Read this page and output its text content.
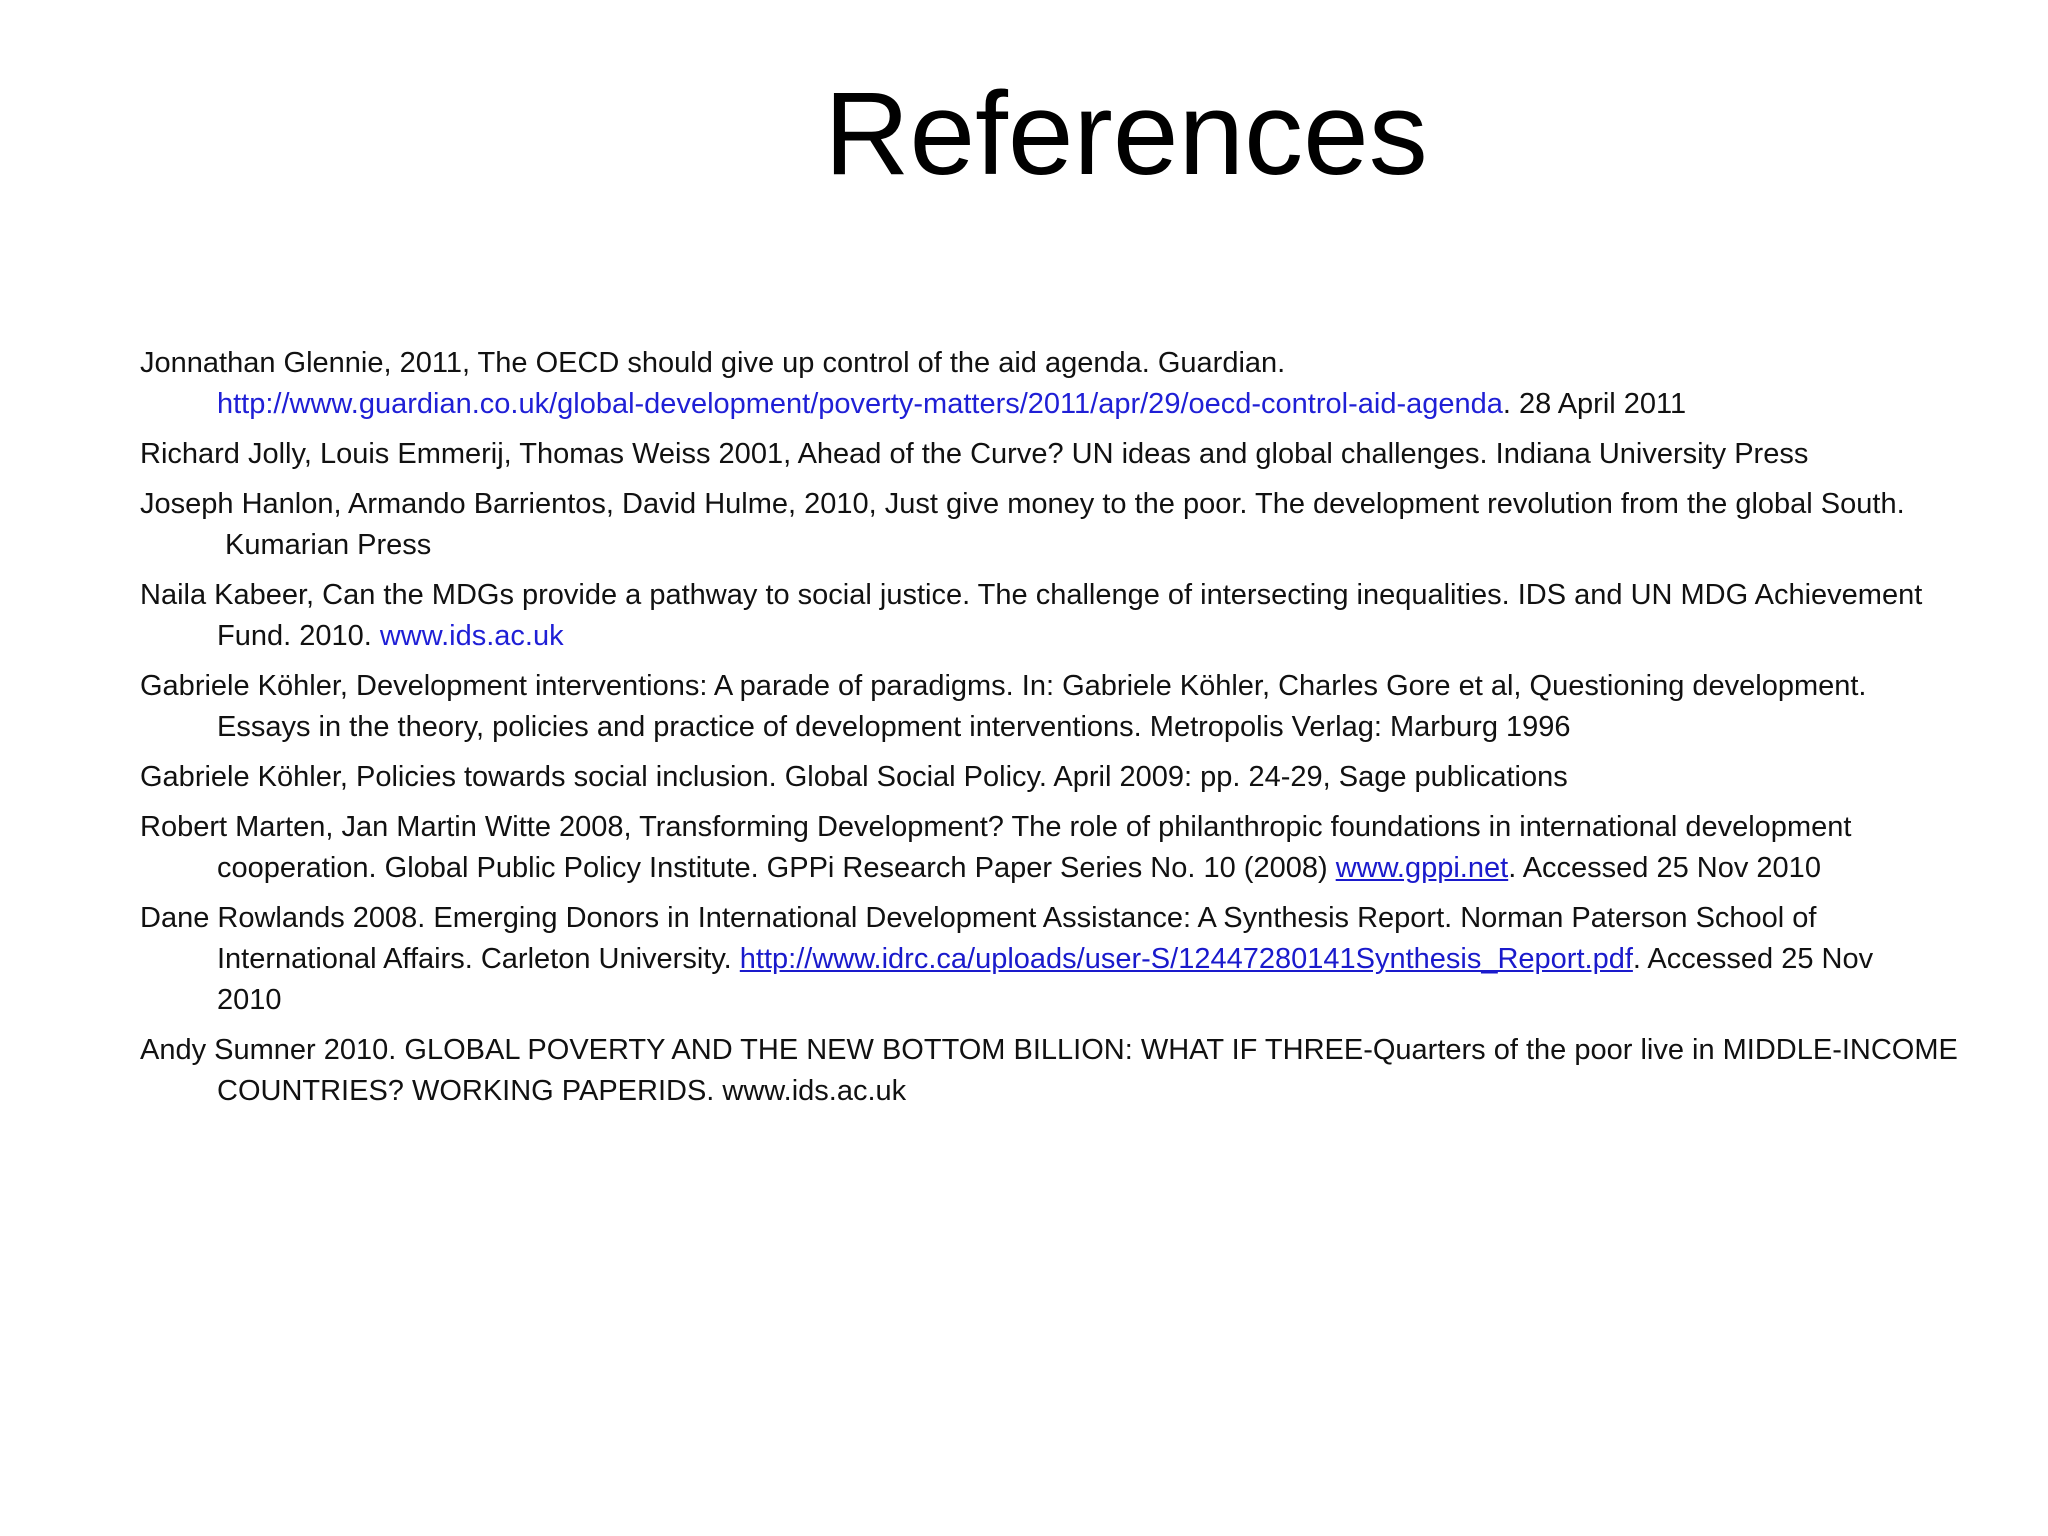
References
Jonnathan Glennie, 2011, The OECD should give up control of the aid agenda. Guardian.
http://www.guardian.co.uk/global-development/poverty-matters/2011/apr/29/oecd-control-aid-agenda. 28 April 2011
Richard Jolly, Louis Emmerij, Thomas Weiss 2001, Ahead of the Curve? UN ideas and global challenges. Indiana University Press
Joseph Hanlon, Armando Barrientos, David Hulme, 2010, Just give money to the poor. The development revolution from the global South.
Kumarian Press
Naila Kabeer, Can the MDGs provide a pathway to social justice. The challenge of intersecting inequalities. IDS and UN MDG Achievement
Fund. 2010. www.ids.ac.uk
Gabriele Köhler, Development interventions: A parade of paradigms. In: Gabriele Köhler, Charles Gore et al, Questioning development.
Essays in the theory, policies and practice of development interventions. Metropolis Verlag: Marburg 1996
Gabriele Köhler, Policies towards social inclusion. Global Social Policy. April 2009: pp. 24-29, Sage publications
Robert Marten, Jan Martin Witte 2008, Transforming Development? The role of philanthropic foundations in international development
cooperation. Global Public Policy Institute. GPPi Research Paper Series No. 10 (2008) www.gppi.net. Accessed 25 Nov 2010
Dane Rowlands 2008. Emerging Donors in International Development Assistance: A Synthesis Report. Norman Paterson School of
International Affairs. Carleton University. http://www.idrc.ca/uploads/user-S/12447280141Synthesis_Report.pdf. Accessed 25 Nov
2010
Andy Sumner 2010. GLOBAL POVERTY AND THE NEW BOTTOM BILLION: WHAT IF THREE-Quarters of the poor live in MIDDLE-INCOME
COUNTRIES? WORKING PAPERIDS. www.ids.ac.uk
